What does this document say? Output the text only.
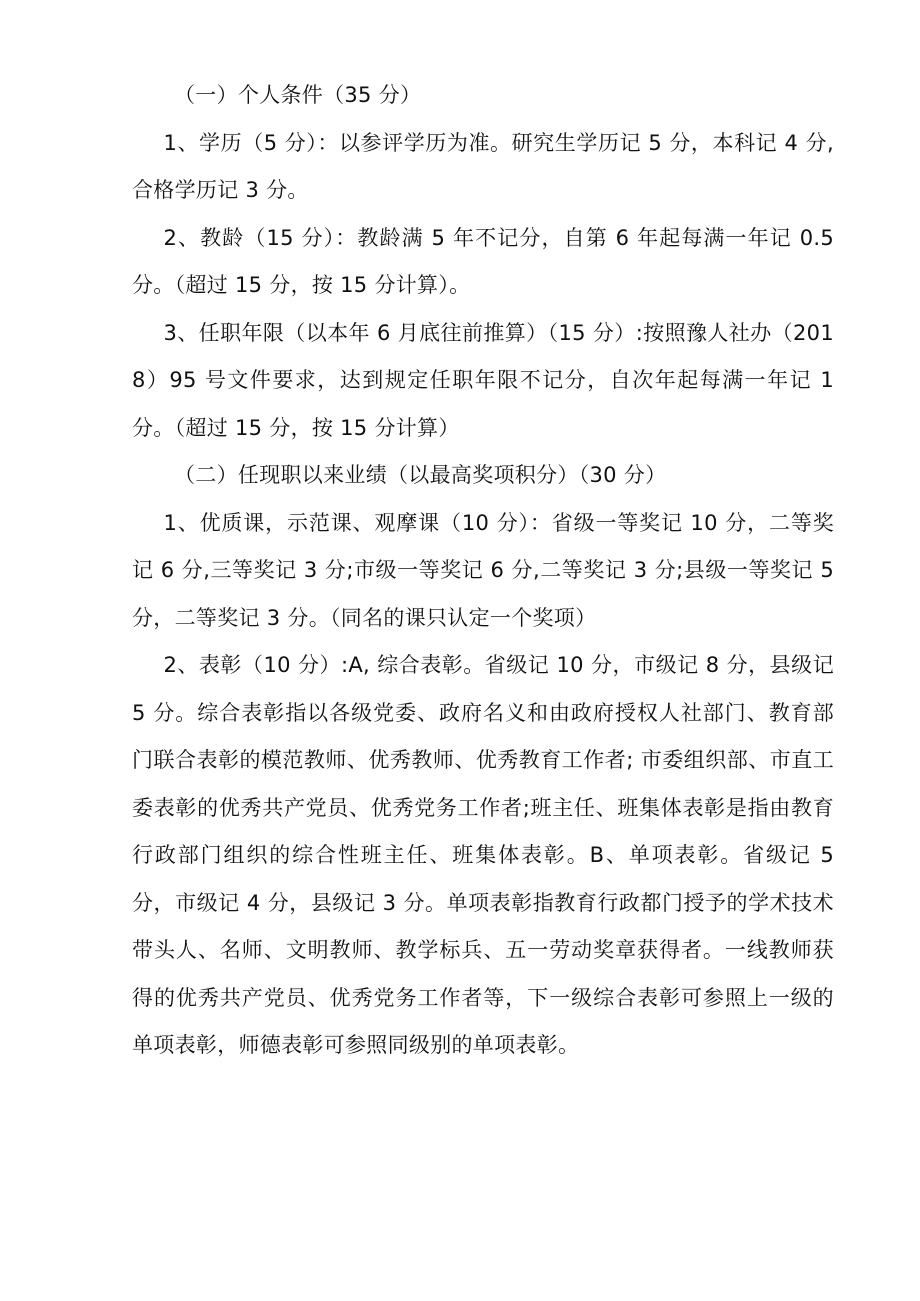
（一）个人条件（35 分）

1、学历（5 分）：以参评学历为准。研究生学历记 5 分，本科记 4 分,合格学历记 3 分。

2、教龄（15 分）：教龄满 5 年不记分，自第 6 年起每满一年记 0.5 分。（超过 15 分，按 15 分计算）。

3、任职年限（以本年 6 月底往前推算）（15 分）:按照豫人社办（2018）95 号文件要求，达到规定任职年限不记分，自次年起每满一年记 1 分。（超过 15 分，按 15 分计算）

（二）任现职以来业绩（以最高奖项积分）（30 分）

1、优质课，示范课、观摩课（10 分）：省级一等奖记 10 分，二等奖记 6 分,三等奖记 3 分;市级一等奖记 6 分,二等奖记 3 分;县级一等奖记 5 分，二等奖记 3 分。（同名的课只认定一个奖项）

2、表彰（10 分）:A, 综合表彰。省级记 10 分，市级记 8 分，县级记 5 分。综合表彰指以各级党委、政府名义和由政府授权人社部门、教育部门联合表彰的模范教师、优秀教师、优秀教育工作者; 市委组织部、市直工委表彰的优秀共产党员、优秀党务工作者;班主任、班集体表彰是指由教育行政部门组织的综合性班主任、班集体表彰。B、单项表彰。省级记 5 分，市级记 4 分，县级记 3 分。单项表彰指教育行政都门授予的学术技术带头人、名师、文明教师、教学标兵、五一劳动奖章获得者。一线教师获得的优秀共产党员、优秀党务工作者等，下一级综合表彰可参照上一级的单项表彰，师德表彰可参照同级别的单项表彰。
